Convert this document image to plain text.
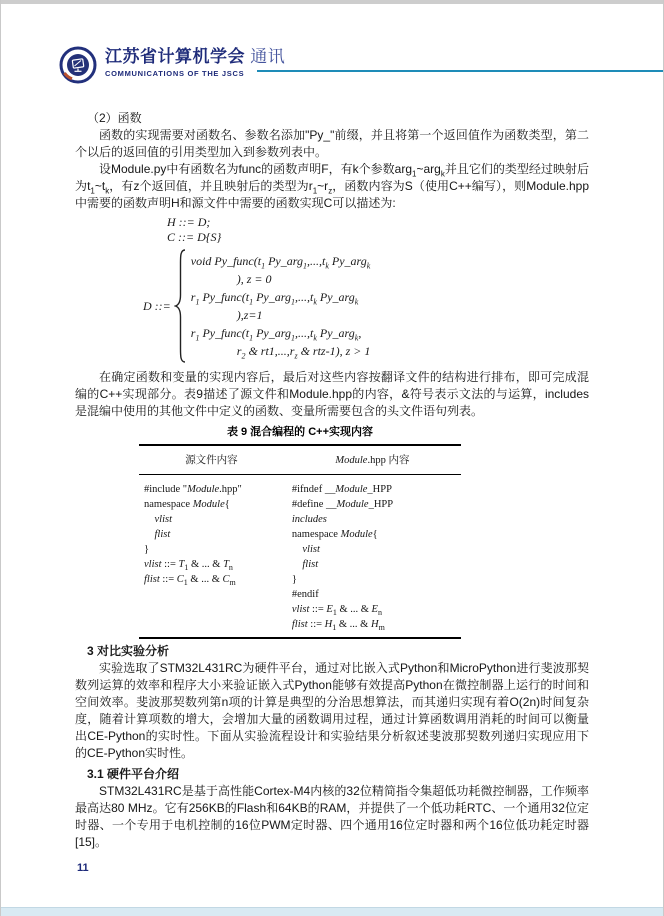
江苏省计算机学会 通讯
COMMUNICATIONS OF THE JSCS

（2）函数

函数的实现需要对函数名、参数名添加"Py_"前缀，并且将第一个返回值作为函数类型，第二个以后的返回值的引用类型加入到参数列表中。

设Module.py中有函数名为func的函数声明F，有k个参数arg$_1$~arg$_k$并且它们的类型经过映射后为$t_1\sim t_k$，有z个返回值，并且映射后的类型为$r_1\sim r_z$，函数内容为S（使用C++编写），则Module.hpp中需要的函数声明H和源文件中需要的函数实现C可以描述为:

H ::= D;
C ::= D{S}
D ::=
void $Py\_func(t_1$ $Py\_arg_1,...,t_k$ Py_arg$_k$
), z = 0
$r_1$ $Py\_func(t_1$ $Py\_arg_1,...,t_k$ Py_arg$_k$
),z=1
$r_1$ $Py\_func(t_1$ $Py\_arg_1,...,t_k$ Py_arg$_k$,
$r_2$ & $rt1,...,r_z$ & rtz-1), z > 1

在确定函数和变量的实现内容后，最后对这些内容按翻译文件的结构进行排布，即可完成混编的C++实现部分。表9描述了源文件和Module.hpp的内容，&符号表示文法的与运算，includes是混编中使用的其他文件中定义的函数、变量所需要包含的头文件语句列表。

表 9 混合编程的 C++实现内容
源文件内容	Module.hpp 内容
#include "Module.hpp"
namespace Module{
vlist
flist
}
vlist ::= $T_1$ & ... & $T_n$
flist ::= $C_1$ & ... & $C_m$
#ifndef __Module_HPP
#define __Module_HPP
includes
namespace Module{
vlist
flist
}
#endif
vlist ::= $E_1$ & ... & $E_n$
flist ::= $H_1$ & ... & $H_m$

3 对比实验分析

实验选取了STM32L431RC为硬件平台，通过对比嵌入式Python和MicroPython进行斐波那契数列运算的效率和程序大小来验证嵌入式Python能够有效提高Python在微控制器上运行的时间和空间效率。斐波那契数列第n项的计算是典型的分治思想算法，而其递归实现有着O(2n)时间复杂度，随着计算项数的增大，会增加大量的函数调用过程，通过计算函数调用消耗的时间可以衡量出CE-Python的实时性。下面从实验流程设计和实验结果分析叙述斐波那契数列递归实现应用下的CE-Python实时性。

3.1 硬件平台介绍

STM32L431RC是基于高性能Cortex-M4内核的32位精简指令集超低功耗微控制器，工作频率最高达80 MHz。它有256KB的Flash和64KB的RAM，并提供了一个低功耗RTC、一个通用32位定时器、一个专用于电机控制的16位PWM定时器、四个通用16位定时器和两个16位低功耗定时器[15]。

11
